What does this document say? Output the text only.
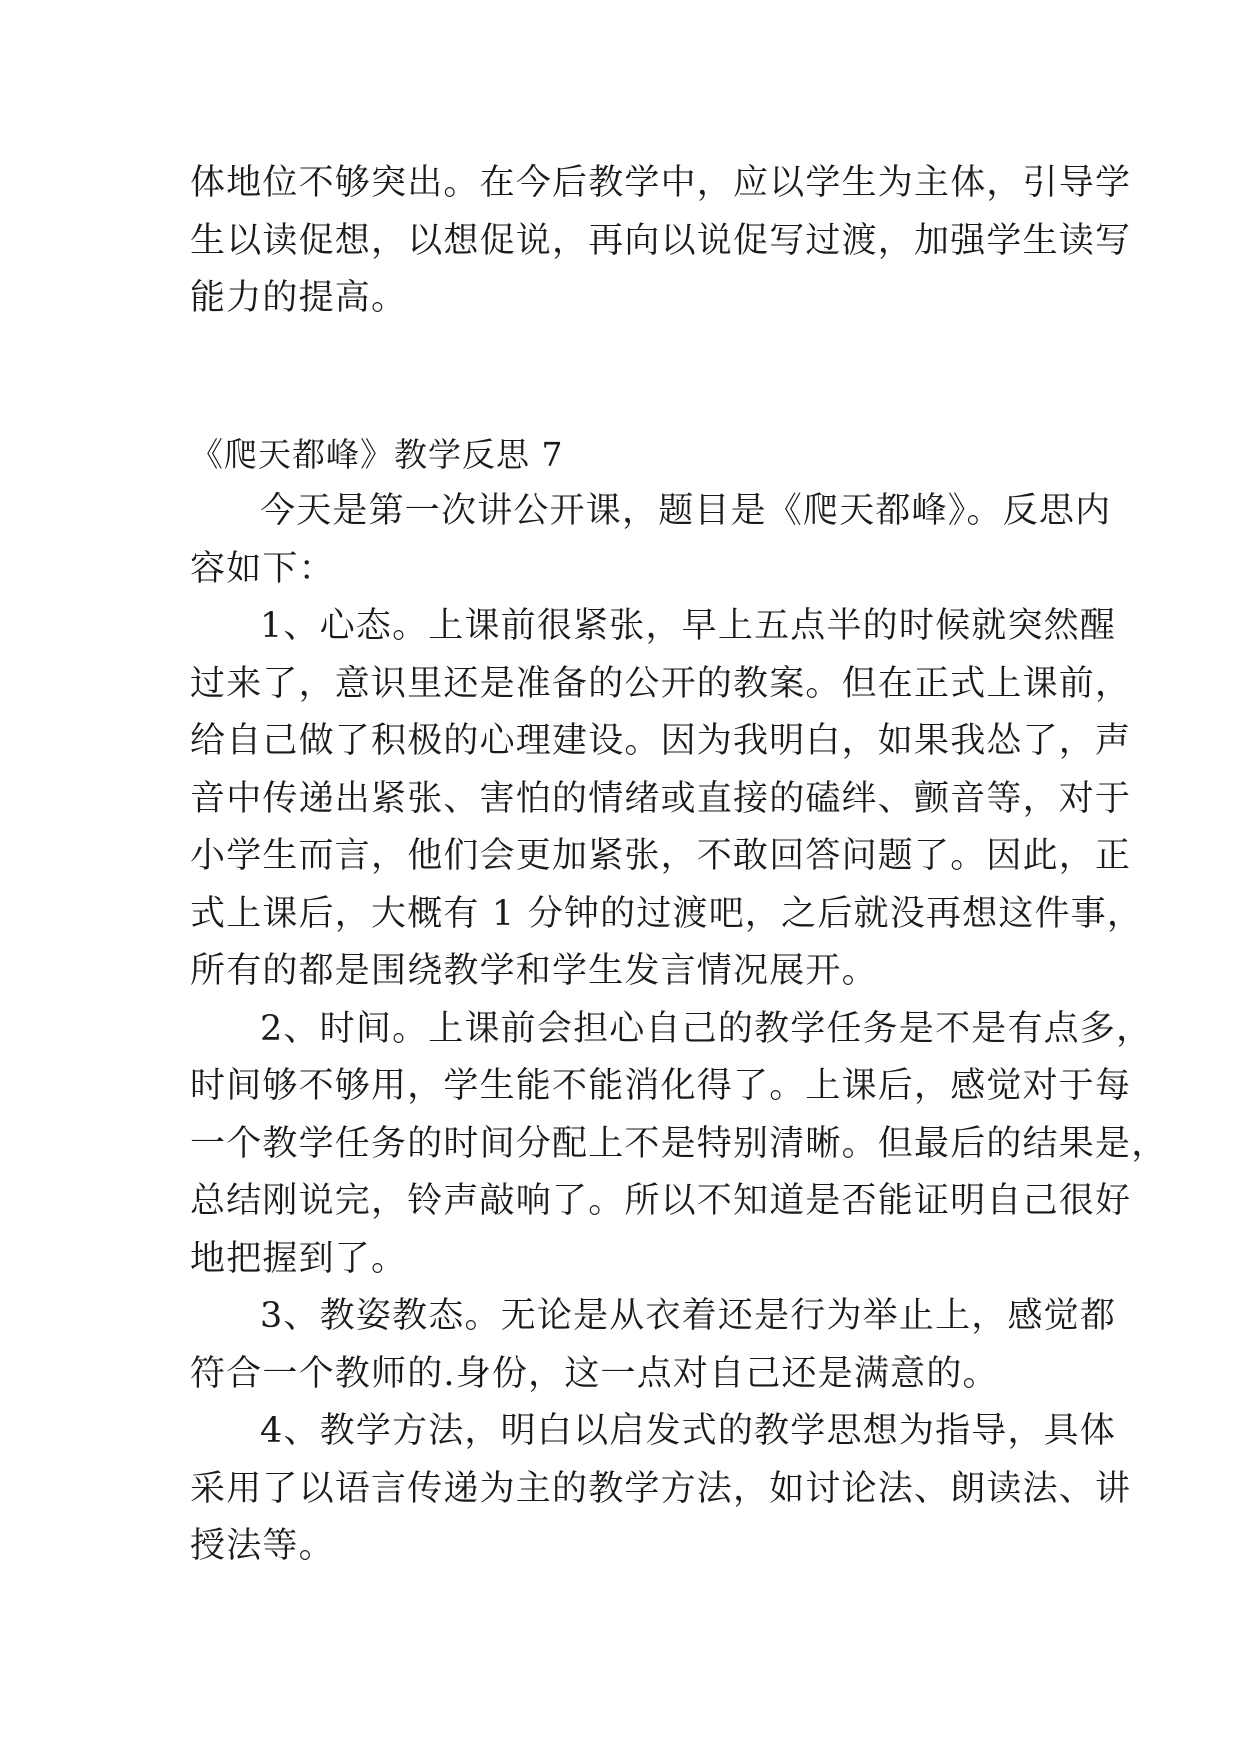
体地位不够突出。在今后教学中，应以学生为主体，引导学
生以读促想，以想促说，再向以说促写过渡，加强学生读写
能力的提高。
《爬天都峰》教学反思 7
今天是第一次讲公开课，题目是《爬天都峰》。反思内
容如下：
1、心态。上课前很紧张，早上五点半的时候就突然醒
过来了，意识里还是准备的公开的教案。但在正式上课前，
给自己做了积极的心理建设。因为我明白，如果我怂了，声
音中传递出紧张、害怕的情绪或直接的磕绊、颤音等，对于
小学生而言，他们会更加紧张，不敢回答问题了。因此，正
式上课后，大概有 1 分钟的过渡吧，之后就没再想这件事，
所有的都是围绕教学和学生发言情况展开。
2、时间。上课前会担心自己的教学任务是不是有点多，
时间够不够用，学生能不能消化得了。上课后，感觉对于每
一个教学任务的时间分配上不是特别清晰。但最后的结果是，
总结刚说完，铃声敲响了。所以不知道是否能证明自己很好
地把握到了。
3、教姿教态。无论是从衣着还是行为举止上，感觉都
符合一个教师的.身份，这一点对自己还是满意的。
4、教学方法，明白以启发式的教学思想为指导，具体
采用了以语言传递为主的教学方法，如讨论法、朗读法、讲
授法等。
